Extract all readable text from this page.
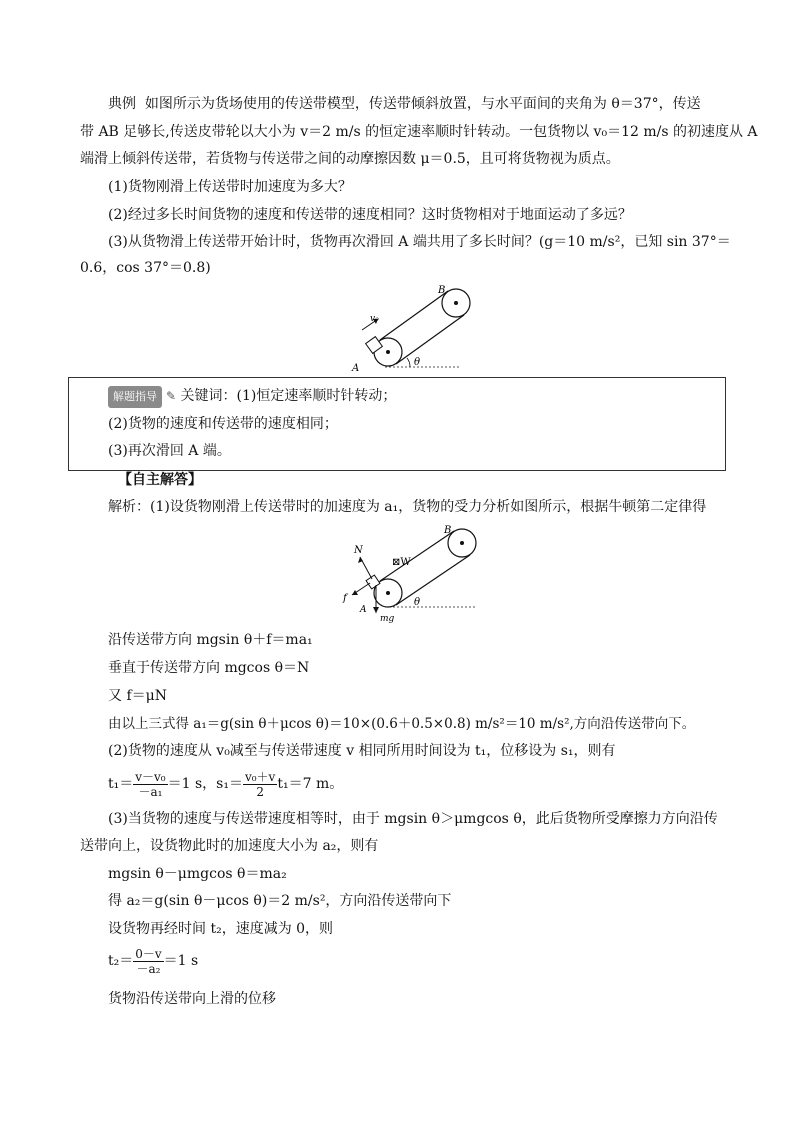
典例 如图所示为货场使用的传送带模型，传送带倾斜放置，与水平面间的夹角为 θ＝37°，传送
带 AB 足够长,传送皮带轮以大小为 v＝2 m/s 的恒定速率顺时针转动。一包货物以 v₀＝12 m/s 的初速度从 A
端滑上倾斜传送带，若货物与传送带之间的动摩擦因数 μ＝0.5，且可将货物视为质点。
(1)货物刚滑上传送带时加速度为多大？
(2)经过多长时间货物的速度和传送带的速度相同？这时货物相对于地面运动了多远？
(3)从货物滑上传送带开始计时，货物再次滑回 A 端共用了多长时间？(g＝10 m/s²，已知 sin 37°＝
0.6，cos 37°＝0.8)
A
B
v₀
θ
解题指导 ✎ 关键词：(1)恒定速率顺时针转动；
(2)货物的速度和传送带的速度相同；
(3)再次滑回 A 端。
【自主解答】
解析：(1)设货物刚滑上传送带时的加速度为 a₁，货物的受力分析如图所示，根据牛顿第二定律得
N
f
mg
A
B
⊠W
θ
沿传送带方向 mgsin θ＋f＝ma₁
垂直于传送带方向 mgcos θ＝N
又 f＝μN
由以上三式得 a₁＝g(sin θ＋μcos θ)＝10×(0.6＋0.5×0.8) m/s²＝10 m/s²,方向沿传送带向下。
(2)货物的速度从 v₀减至与传送带速度 v 相同所用时间设为 t₁，位移设为 s₁，则有
$t_1= \frac{\text{v－v₀}}{\text{－a₁}} =1$ s，$s_1= \frac{\text{v₀＋v}}{2} t_1=7$ m。
(3)当货物的速度与传送带速度相等时，由于 mgsin θ＞μmgcos θ，此后货物所受摩擦力方向沿传
送带向上，设货物此时的加速度大小为 a₂，则有
mgsin θ－μmgcos θ＝ma₂
得 a₂＝g(sin θ－μcos θ)＝2 m/s²，方向沿传送带向下
设货物再经时间 t₂，速度减为 0，则
$t_2= \frac{0-v}{\text{－a₂}} =1$ s
货物沿传送带向上滑的位移
